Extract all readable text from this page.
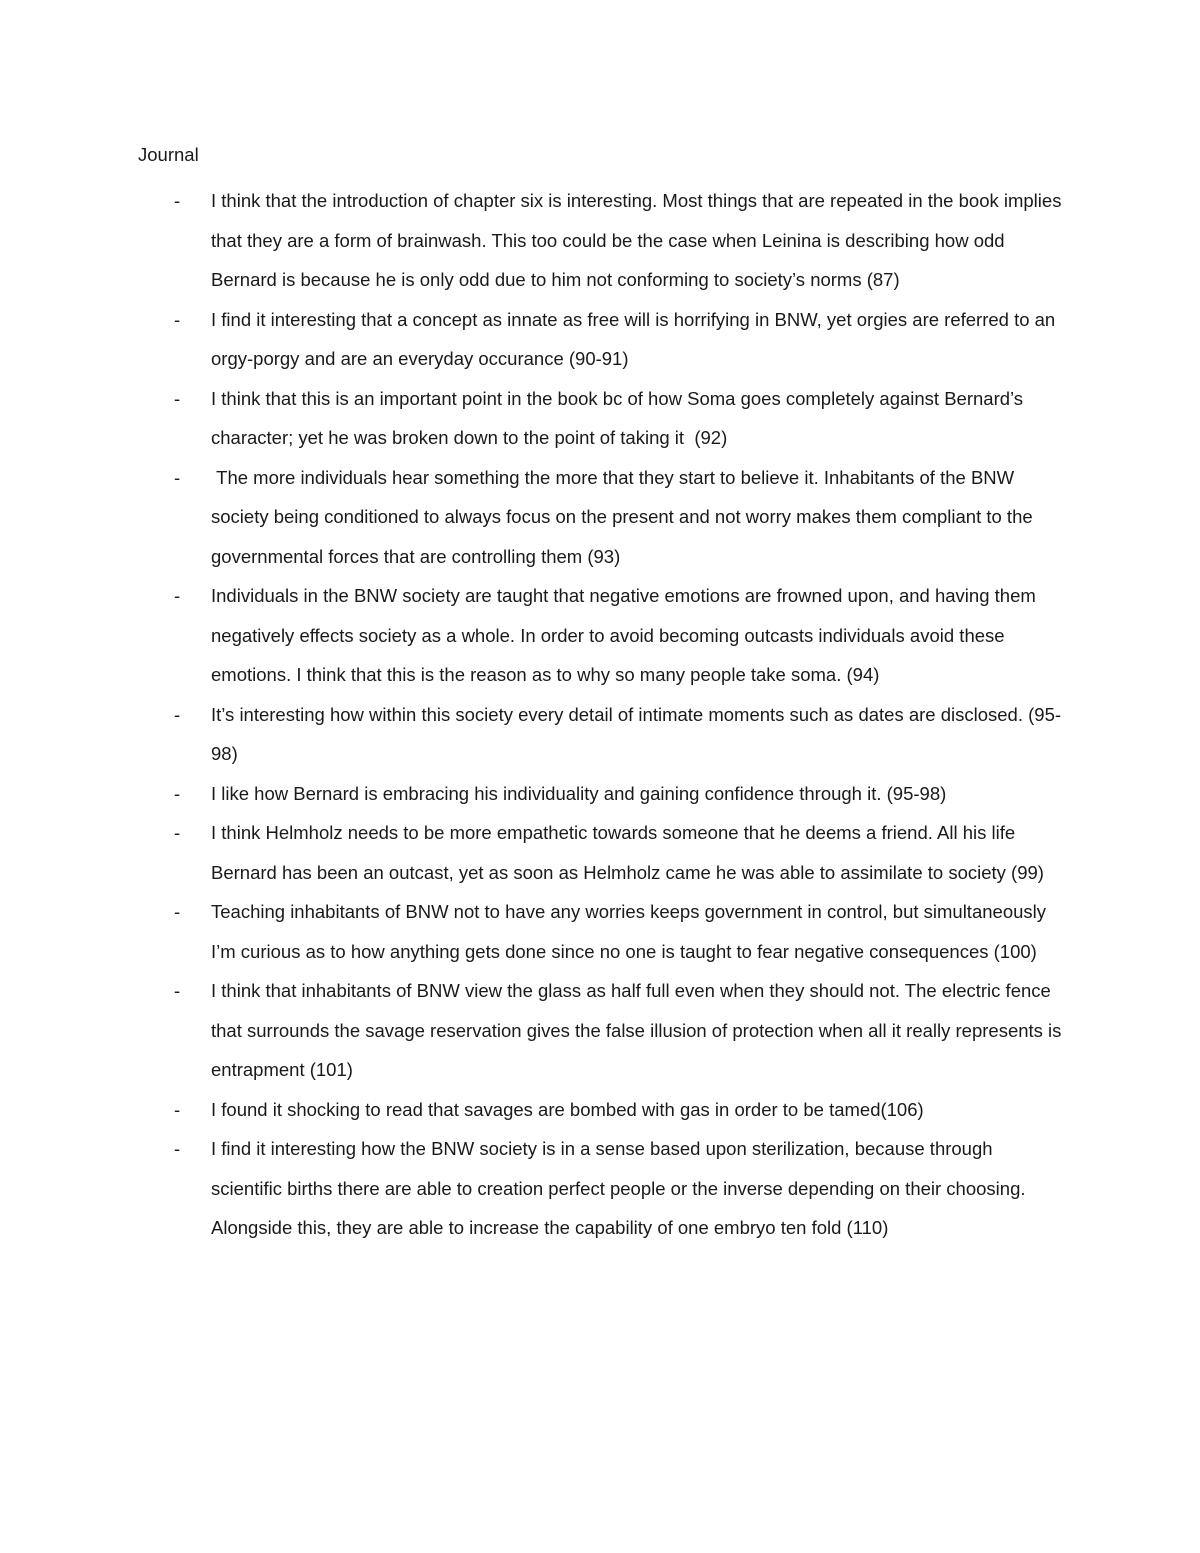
Journal

- I think that the introduction of chapter six is interesting. Most things that are repeated in the book implies that they are a form of brainwash. This too could be the case when Leinina is describing how odd Bernard is because he is only odd due to him not conforming to society’s norms (87)

- I find it interesting that a concept as innate as free will is horrifying in BNW, yet orgies are referred to an orgy-porgy and are an everyday occurance (90-91)

- I think that this is an important point in the book bc of how Soma goes completely against Bernard’s character; yet he was broken down to the point of taking it  (92)

- The more individuals hear something the more that they start to believe it. Inhabitants of the BNW society being conditioned to always focus on the present and not worry makes them compliant to the governmental forces that are controlling them (93)

- Individuals in the BNW society are taught that negative emotions are frowned upon, and having them negatively effects society as a whole. In order to avoid becoming outcasts individuals avoid these emotions. I think that this is the reason as to why so many people take soma. (94)

- It’s interesting how within this society every detail of intimate moments such as dates are disclosed. (95-98)

- I like how Bernard is embracing his individuality and gaining confidence through it. (95-98)

- I think Helmholz needs to be more empathetic towards someone that he deems a friend. All his life Bernard has been an outcast, yet as soon as Helmholz came he was able to assimilate to society (99)

- Teaching inhabitants of BNW not to have any worries keeps government in control, but simultaneously I’m curious as to how anything gets done since no one is taught to fear negative consequences (100)

- I think that inhabitants of BNW view the glass as half full even when they should not. The electric fence that surrounds the savage reservation gives the false illusion of protection when all it really represents is entrapment (101)

- I found it shocking to read that savages are bombed with gas in order to be tamed(106)

- I find it interesting how the BNW society is in a sense based upon sterilization, because through scientific births there are able to creation perfect people or the inverse depending on their choosing. Alongside this, they are able to increase the capability of one embryo ten fold (110)
